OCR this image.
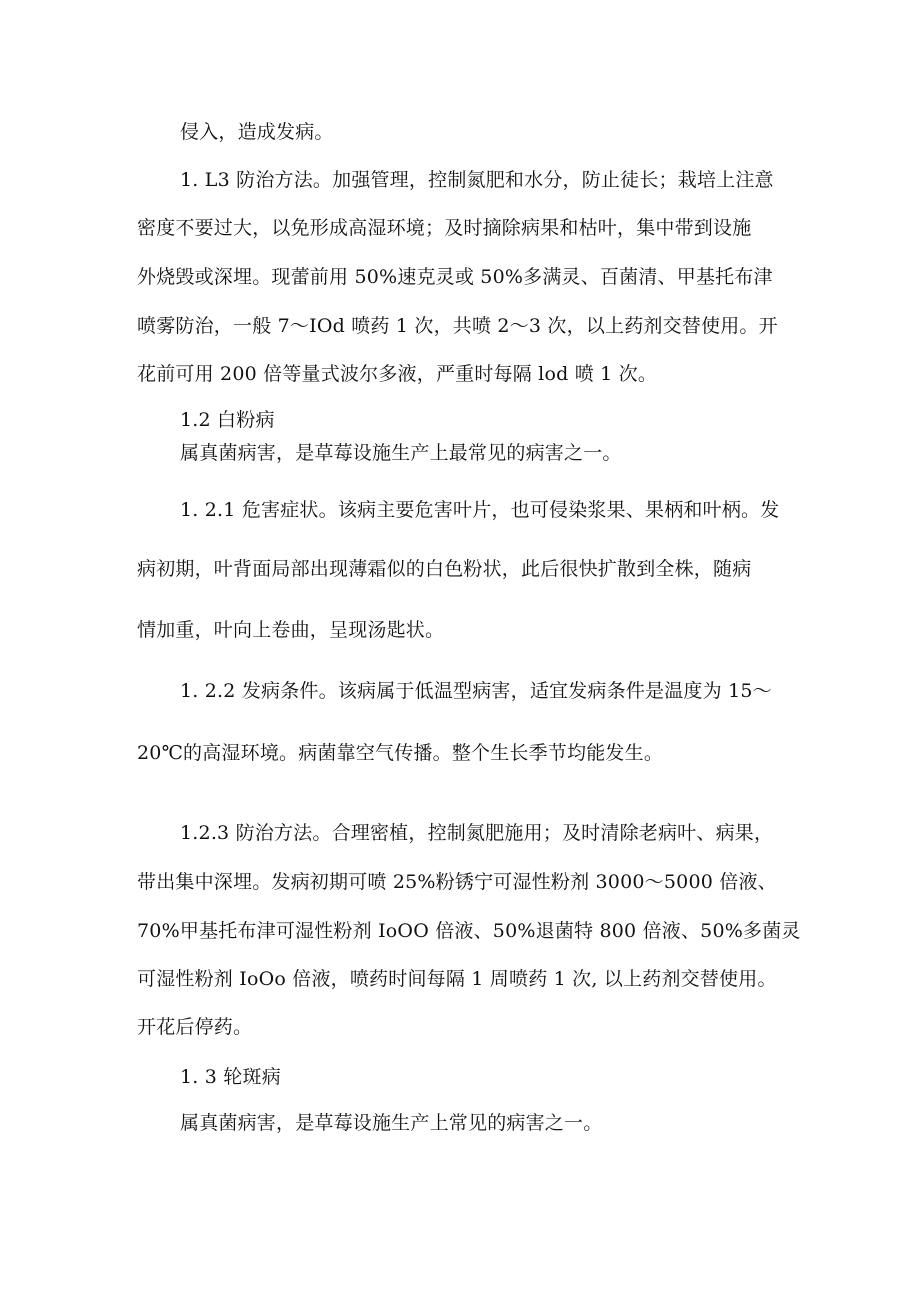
侵入，造成发病。
1. L3 防治方法。加强管理，控制氮肥和水分，防止徒长；栽培上注意
密度不要过大，以免形成高湿环境；及时摘除病果和枯叶，集中带到设施
外烧毁或深埋。现蕾前用 50%速克灵或 50%多满灵、百菌清、甲基托布津
喷雾防治，一般 7～IOd 喷药 1 次，共喷 2～3 次，以上药剂交替使用。开
花前可用 200 倍等量式波尔多液，严重时每隔 lod 喷 1 次。
1.2 白粉病
属真菌病害，是草莓设施生产上最常见的病害之一。
1. 2.1 危害症状。该病主要危害叶片，也可侵染浆果、果柄和叶柄。发
病初期，叶背面局部出现薄霜似的白色粉状，此后很快扩散到全株，随病
情加重，叶向上卷曲，呈现汤匙状。
1. 2.2 发病条件。该病属于低温型病害，适宜发病条件是温度为 15～
20℃的高湿环境。病菌靠空气传播。整个生长季节均能发生。
1.2.3 防治方法。合理密植，控制氮肥施用；及时清除老病叶、病果，
带出集中深埋。发病初期可喷 25%粉锈宁可湿性粉剂 3000～5000 倍液、
70%甲基托布津可湿性粉剂 IoOO 倍液、50%退菌特 800 倍液、50%多菌灵
可湿性粉剂 IoOo 倍液，喷药时间每隔 1 周喷药 1 次, 以上药剂交替使用。
开花后停药。
1. 3 轮斑病
属真菌病害，是草莓设施生产上常见的病害之一。
